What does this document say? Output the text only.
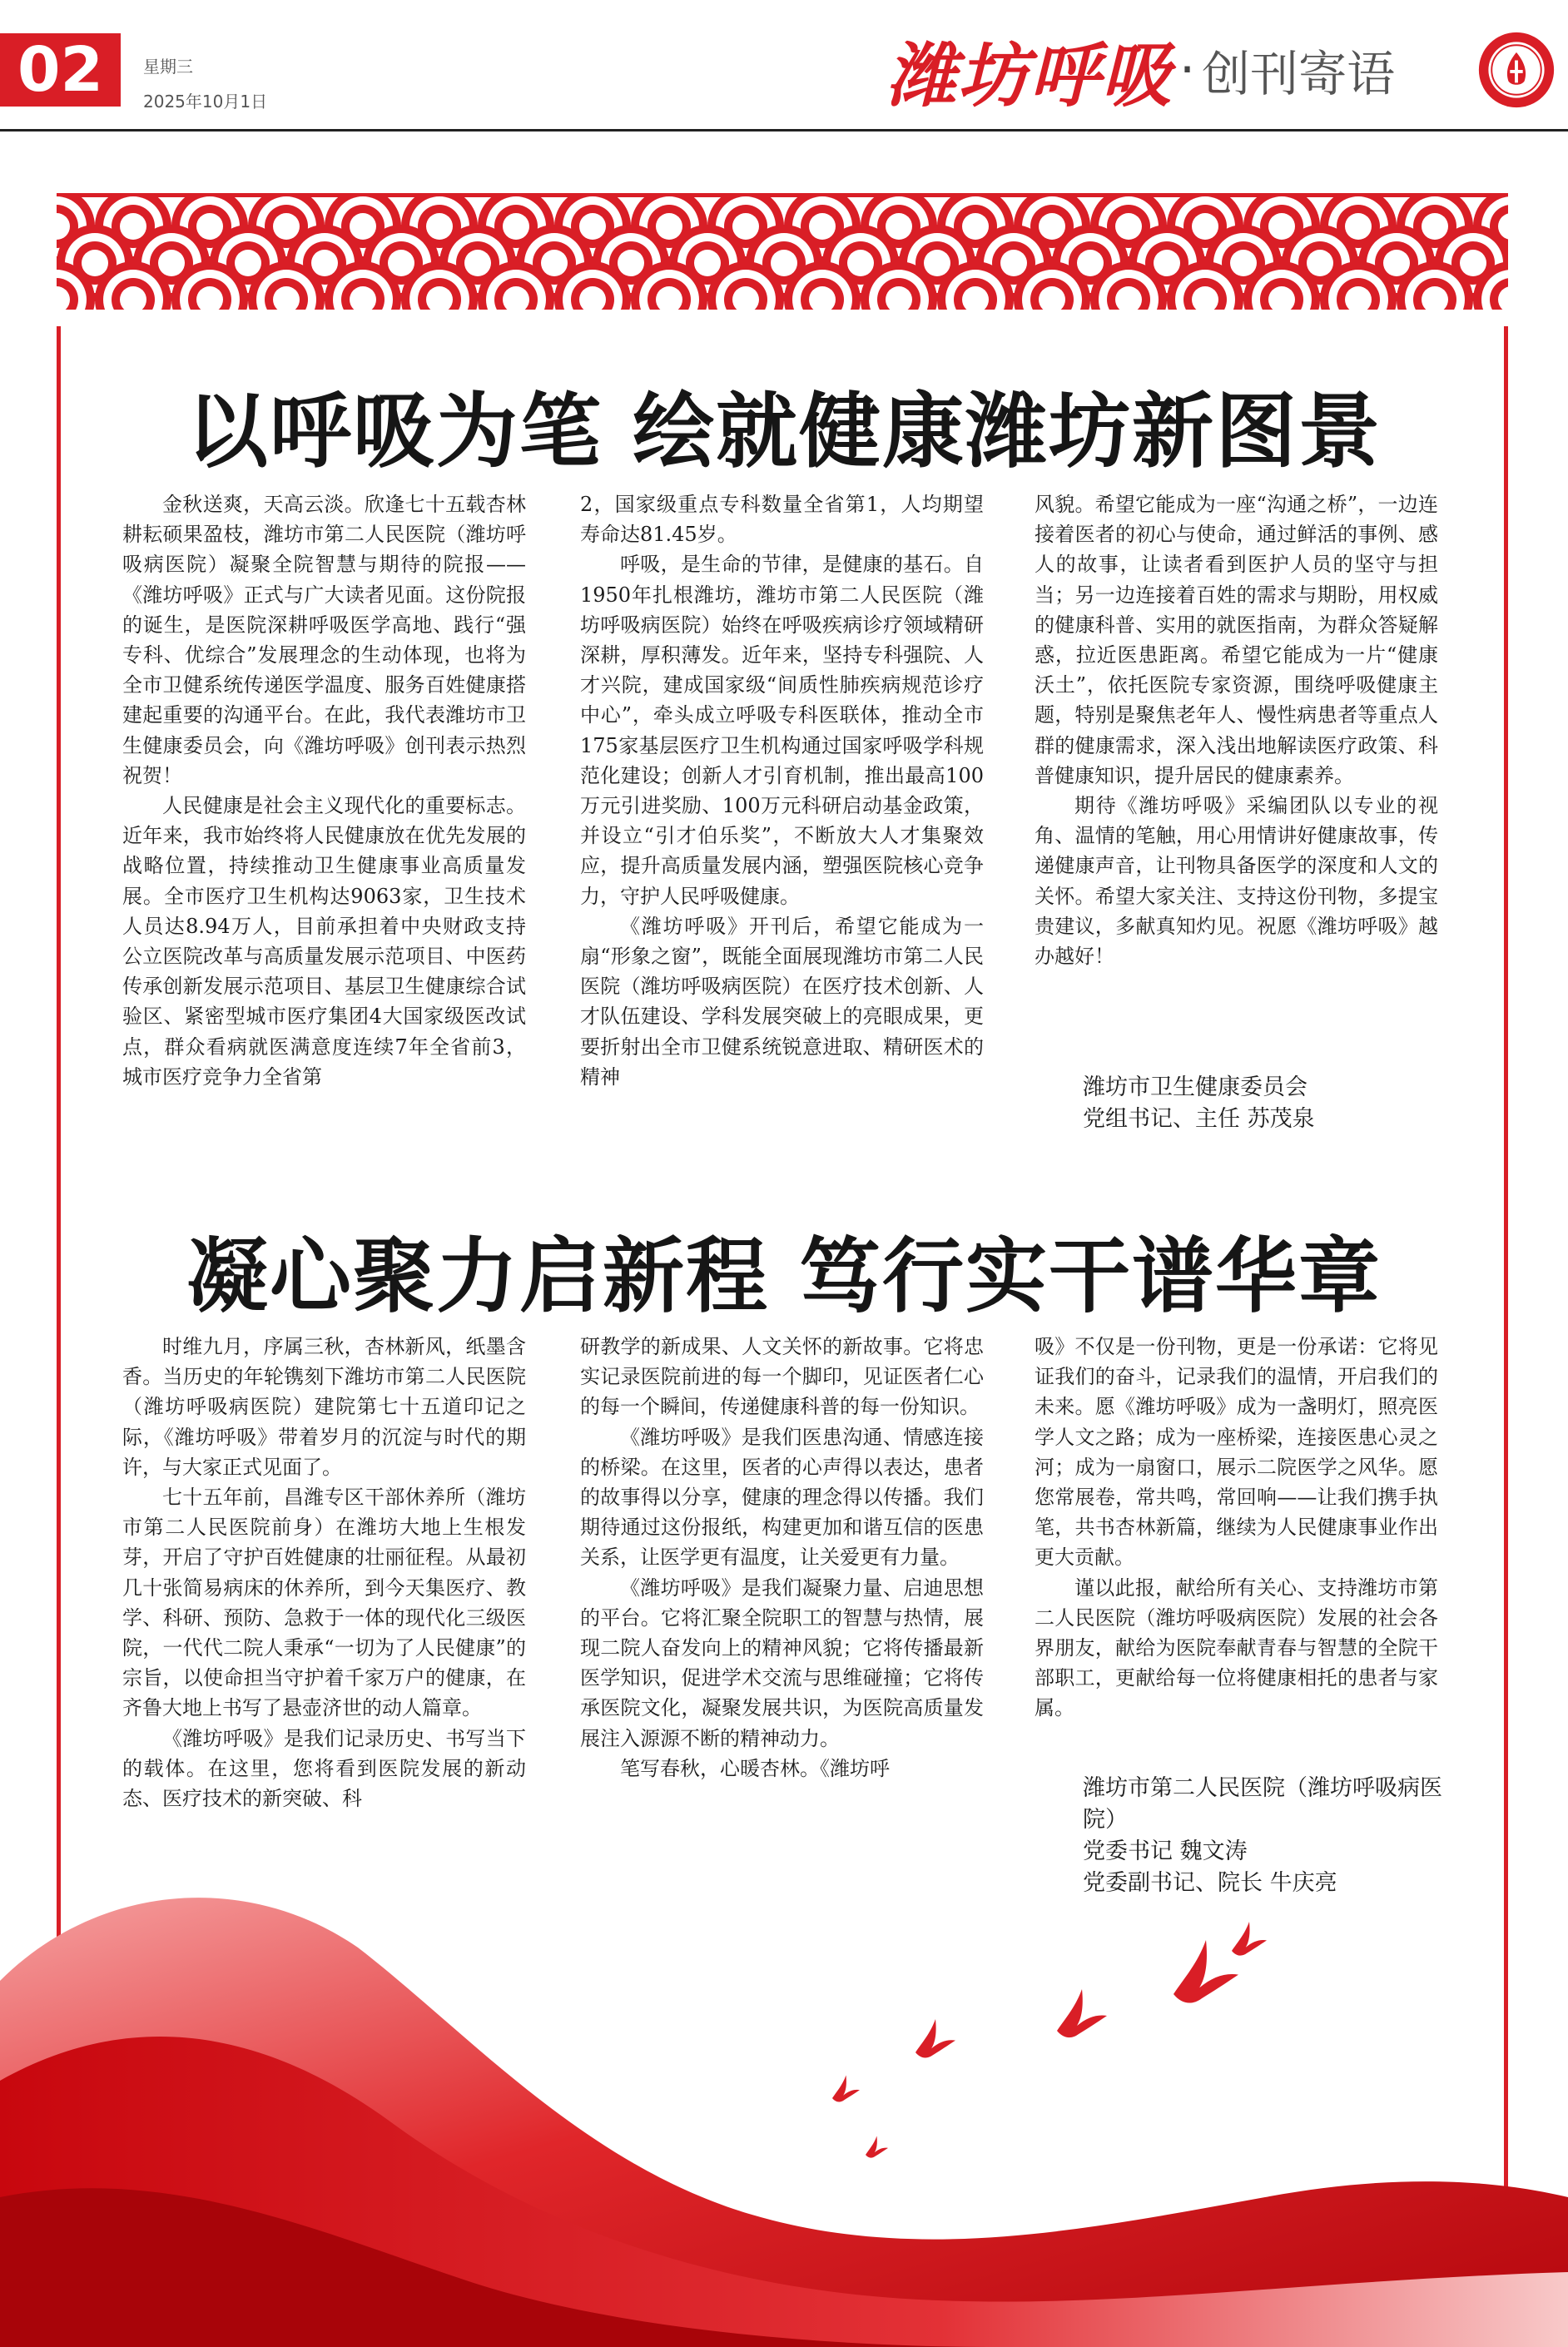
02	星期三
2025年10月1日	潍坊呼吸 · 创刊寄语
以呼吸为笔 绘就健康潍坊新图景

金秋送爽，天高云淡。欣逢七十五载杏林耕耘硕果盈枝，潍坊市第二人民医院（潍坊呼吸病医院）凝聚全院智慧与期待的院报——《潍坊呼吸》正式与广大读者见面。这份院报的诞生，是医院深耕呼吸医学高地、践行“强专科、优综合”发展理念的生动体现，也将为全市卫健系统传递医学温度、服务百姓健康搭建起重要的沟通平台。在此，我代表潍坊市卫生健康委员会，向《潍坊呼吸》创刊表示热烈祝贺！

人民健康是社会主义现代化的重要标志。近年来，我市始终将人民健康放在优先发展的战略位置，持续推动卫生健康事业高质量发展。全市医疗卫生机构达9063家，卫生技术人员达8.94万人，目前承担着中央财政支持公立医院改革与高质量发展示范项目、中医药传承创新发展示范项目、基层卫生健康综合试验区、紧密型城市医疗集团4大国家级医改试点，群众看病就医满意度连续7年全省前3，城市医疗竞争力全省第

2，国家级重点专科数量全省第1，人均期望寿命达81.45岁。

呼吸，是生命的节律，是健康的基石。自1950年扎根潍坊，潍坊市第二人民医院（潍坊呼吸病医院）始终在呼吸疾病诊疗领域精研深耕，厚积薄发。近年来，坚持专科强院、人才兴院，建成国家级“间质性肺疾病规范诊疗中心”，牵头成立呼吸专科医联体，推动全市175家基层医疗卫生机构通过国家呼吸学科规范化建设；创新人才引育机制，推出最高100万元引进奖励、100万元科研启动基金政策，并设立“引才伯乐奖”，不断放大人才集聚效应，提升高质量发展内涵，塑强医院核心竞争力，守护人民呼吸健康。

《潍坊呼吸》开刊后，希望它能成为一扇“形象之窗”，既能全面展现潍坊市第二人民医院（潍坊呼吸病医院）在医疗技术创新、人才队伍建设、学科发展突破上的亮眼成果，更要折射出全市卫健系统锐意进取、精研医术的精神

风貌。希望它能成为一座“沟通之桥”，一边连接着医者的初心与使命，通过鲜活的事例、感人的故事，让读者看到医护人员的坚守与担当；另一边连接着百姓的需求与期盼，用权威的健康科普、实用的就医指南，为群众答疑解惑，拉近医患距离。希望它能成为一片“健康沃土”，依托医院专家资源，围绕呼吸健康主题，特别是聚焦老年人、慢性病患者等重点人群的健康需求，深入浅出地解读医疗政策、科普健康知识，提升居民的健康素养。

期待《潍坊呼吸》采编团队以专业的视角、温情的笔触，用心用情讲好健康故事，传递健康声音，让刊物具备医学的深度和人文的关怀。希望大家关注、支持这份刊物，多提宝贵建议，多献真知灼见。祝愿《潍坊呼吸》越办越好！

潍坊市卫生健康委员会
党组书记、主任 苏茂泉
凝心聚力启新程 笃行实干谱华章

时维九月，序属三秋，杏林新风，纸墨含香。当历史的年轮镌刻下潍坊市第二人民医院（潍坊呼吸病医院）建院第七十五道印记之际，《潍坊呼吸》带着岁月的沉淀与时代的期许，与大家正式见面了。

七十五年前，昌潍专区干部休养所（潍坊市第二人民医院前身）在潍坊大地上生根发芽，开启了守护百姓健康的壮丽征程。从最初几十张简易病床的休养所，到今天集医疗、教学、科研、预防、急救于一体的现代化三级医院，一代代二院人秉承“一切为了人民健康”的宗旨，以使命担当守护着千家万户的健康，在齐鲁大地上书写了悬壶济世的动人篇章。

《潍坊呼吸》是我们记录历史、书写当下的载体。在这里，您将看到医院发展的新动态、医疗技术的新突破、科

研教学的新成果、人文关怀的新故事。它将忠实记录医院前进的每一个脚印，见证医者仁心的每一个瞬间，传递健康科普的每一份知识。

《潍坊呼吸》是我们医患沟通、情感连接的桥梁。在这里，医者的心声得以表达，患者的故事得以分享，健康的理念得以传播。我们期待通过这份报纸，构建更加和谐互信的医患关系，让医学更有温度，让关爱更有力量。

《潍坊呼吸》是我们凝聚力量、启迪思想的平台。它将汇聚全院职工的智慧与热情，展现二院人奋发向上的精神风貌；它将传播最新医学知识，促进学术交流与思维碰撞；它将传承医院文化，凝聚发展共识，为医院高质量发展注入源源不断的精神动力。

笔写春秋，心暖杏林。《潍坊呼

吸》不仅是一份刊物，更是一份承诺：它将见证我们的奋斗，记录我们的温情，开启我们的未来。愿《潍坊呼吸》成为一盏明灯，照亮医学人文之路；成为一座桥梁，连接医患心灵之河；成为一扇窗口，展示二院医学之风华。愿您常展卷，常共鸣，常回响——让我们携手执笔，共书杏林新篇，继续为人民健康事业作出更大贡献。

谨以此报，献给所有关心、支持潍坊市第二人民医院（潍坊呼吸病医院）发展的社会各界朋友，献给为医院奉献青春与智慧的全院干部职工，更献给每一位将健康相托的患者与家属。

潍坊市第二人民医院（潍坊呼吸病医院）
党委书记 魏文涛
党委副书记、院长 牛庆亮
